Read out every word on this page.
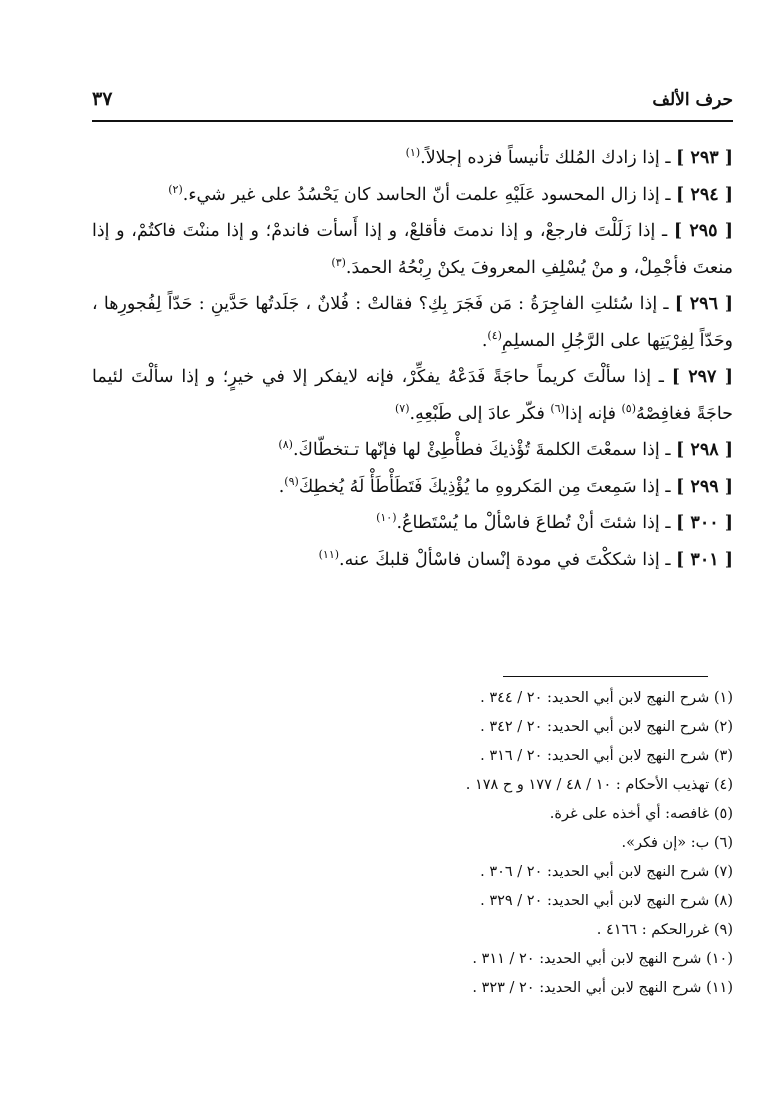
حرف الألف
٣٧
[ ٢٩٣ ] ـ إذا زادك المُلك تأنيساً فزده إجلالاً.$^{(١)}$
[ ٢٩٤ ] ـ إذا زال المحسود عَلَيْهِ علمت أنّ الحاسد كان يَحْسُدُ على غير شيء.$^{(٢)}$
[ ٢٩٥ ] ـ إذا زَلَلْتَ فارجعْ، و إذا ندمتَ فأقلعْ، و إذا أَسأت فاندمْ؛ و إذا مننْتَ فاكتُمْ، و إذا منعتَ فأجْمِلْ، و منْ يُسْلِفِ المعروفَ يكنْ رِبْحُهُ الحمدَ.$^{(٣)}$
[ ٢٩٦ ] ـ إذا سُئلتِ الفاجِرَةُ : مَن فَجَرَ بِكِ؟ فقالتْ : فُلانٌ ، جَلَدتُها حَدَّينِ : حَدّاً لِفُجورِها ، وحَدّاً لِفِرْيَتِها على الرَّجُلِ المسلِمِ$^{(٤)}$.
[ ٢٩٧ ] ـ إذا سألْتَ كريماً حاجَةً فَدَعْهُ يفكِّرْ، فإنه لايفكر إلا في خيرٍ؛ و إذا سألْتَ لئيما حاجَةً فغافِصْهُ$^{(٥)}$ فإنه إذا$^{(٦)}$ فكّر عادَ إلى طَبْعِهِ.$^{(٧)}$
[ ٢٩٨ ] ـ إذا سمعْتَ الكلمةَ تُؤْذيكَ فطأْطِئْ لها فإنّها تـتخطّاكَ.$^{(٨)}$
[ ٢٩٩ ] ـ إذا سَمِعتَ مِن المَكروهِ ما يُؤْذِيكَ فَتَطَأْطَأْ لَهُ يُخطِكَ$^{(٩)}$.
[ ٣٠٠ ] ـ إذا شئتَ أنْ تُطاعَ فاسْألْ ما يُسْتَطاعُ.$^{(١٠)}$
[ ٣٠١ ] ـ إذا شككْتَ في مودة إنْسان فاسْألْ قلبكَ عنه.$^{(١١)}$
(١) شرح النهج لابن أبي الحديد: ٢٠ / ٣٤٤ .
(٢) شرح النهج لابن أبي الحديد: ٢٠ / ٣٤٢ .
(٣) شرح النهج لابن أبي الحديد: ٢٠ / ٣١٦ .
(٤) تهذيب الأحكام : ١٠ / ٤٨ / ١٧٧ و ح ١٧٨ .
(٥) غافصه: أي أخذه على غرة.
(٦) ب: «إن فكر».
(٧) شرح النهج لابن أبي الحديد: ٢٠ / ٣٠٦ .
(٨) شرح النهج لابن أبي الحديد: ٢٠ / ٣٢٩ .
(٩) غررالحكم : ٤١٦٦ .
(١٠) شرح النهج لابن أبي الحديد: ٢٠ / ٣١١ .
(١١) شرح النهج لابن أبي الحديد: ٢٠ / ٣٢٣ .
